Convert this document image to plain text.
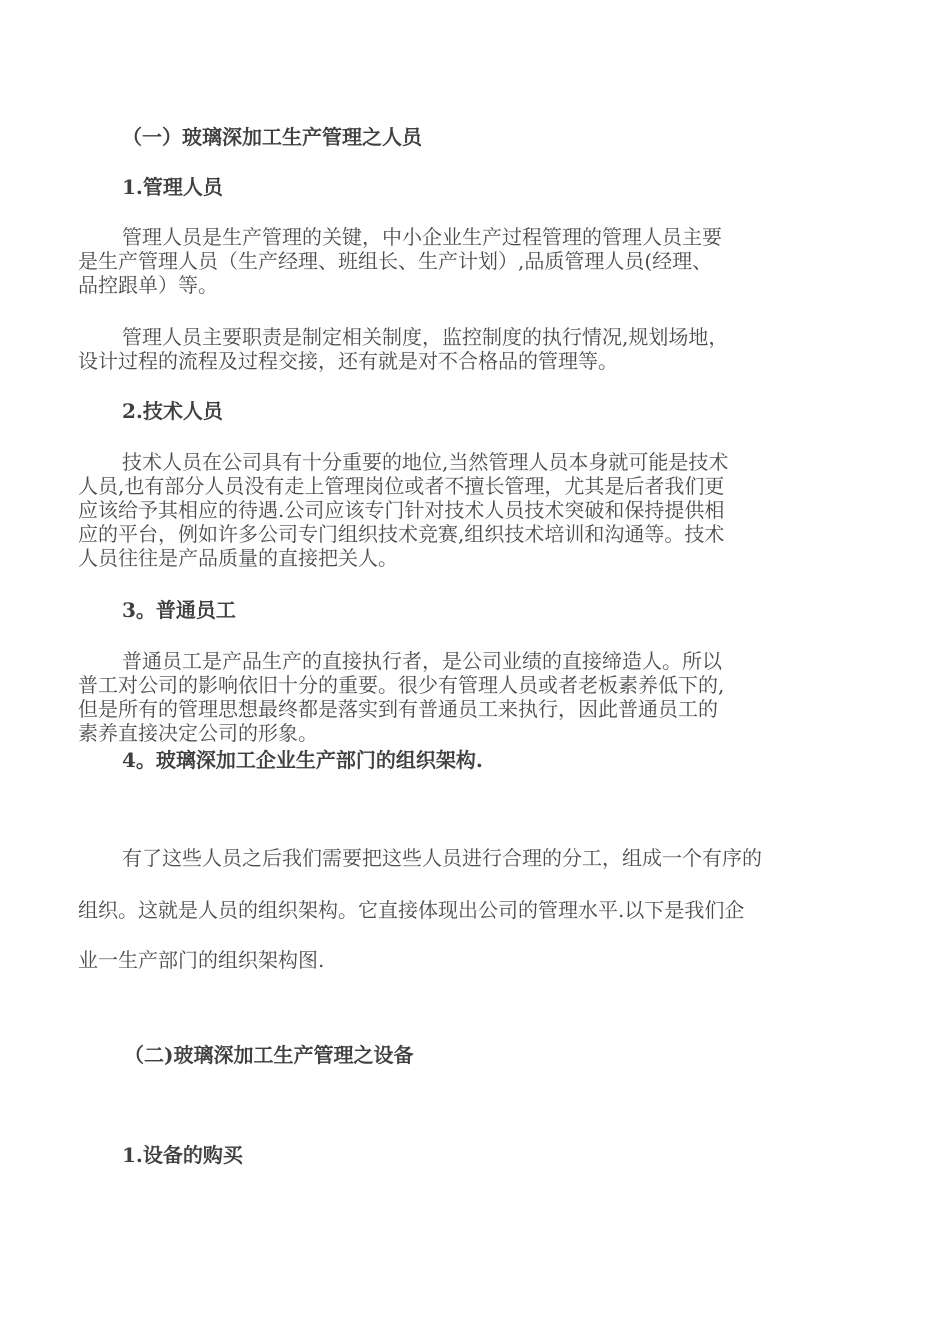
（一）玻璃深加工生产管理之人员
1.管理人员
管理人员是生产管理的关键，中小企业生产过程管理的管理人员主要
是生产管理人员（生产经理、班组长、生产计划）,品质管理人员(经理、
品控跟单）等。
管理人员主要职责是制定相关制度，监控制度的执行情况,规划场地，
设计过程的流程及过程交接，还有就是对不合格品的管理等。
2.技术人员
技术人员在公司具有十分重要的地位,当然管理人员本身就可能是技术
人员,也有部分人员没有走上管理岗位或者不擅长管理，尤其是后者我们更
应该给予其相应的待遇.公司应该专门针对技术人员技术突破和保持提供相
应的平台，例如许多公司专门组织技术竞赛,组织技术培训和沟通等。技术
人员往往是产品质量的直接把关人。
3。普通员工
普通员工是产品生产的直接执行者，是公司业绩的直接缔造人。所以
普工对公司的影响依旧十分的重要。很少有管理人员或者老板素养低下的,
但是所有的管理思想最终都是落实到有普通员工来执行，因此普通员工的
素养直接决定公司的形象。
4。玻璃深加工企业生产部门的组织架构.
有了这些人员之后我们需要把这些人员进行合理的分工，组成一个有序的
组织。这就是人员的组织架构。它直接体现出公司的管理水平.以下是我们企
业一生产部门的组织架构图.
（二)玻璃深加工生产管理之设备
1.设备的购买
